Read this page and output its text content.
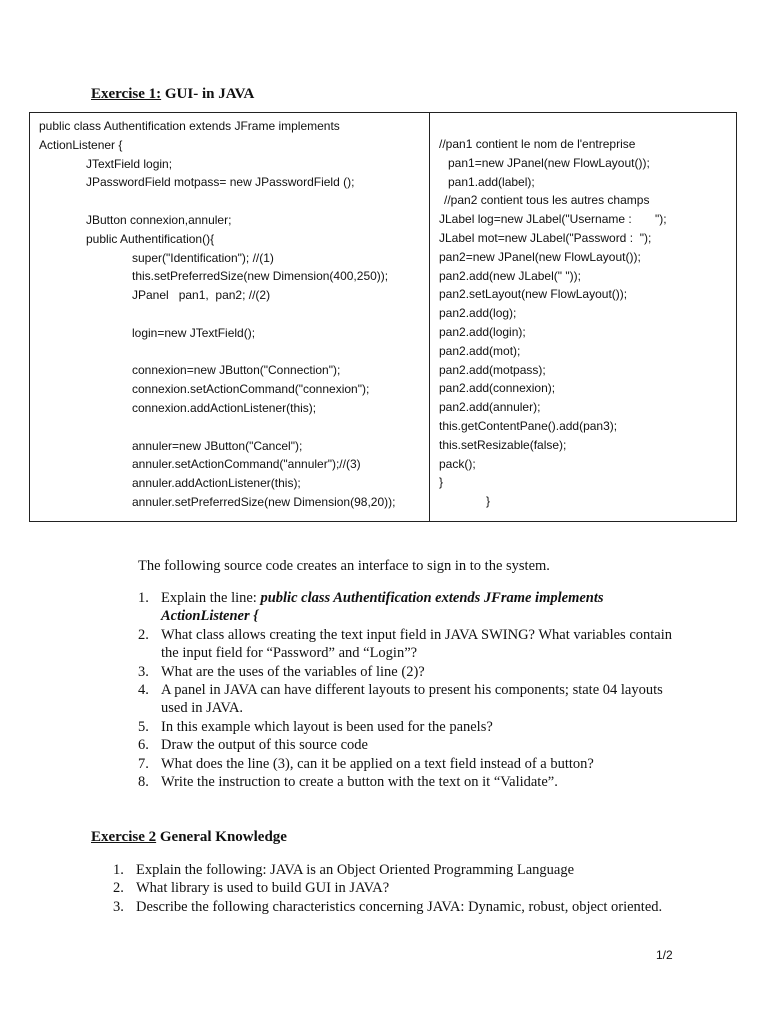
Exercise 1: GUI- in JAVA
public class Authentification extends JFrame implements
ActionListener {
JTextField login;
JPasswordField motpass= new JPasswordField ();
JButton connexion,annuler;
public Authentification(){
super("Identification"); //(1)
this.setPreferredSize(new Dimension(400,250));
JPanel   pan1,  pan2; //(2)
login=new JTextField();
connexion=new JButton("Connection");
connexion.setActionCommand("connexion");
connexion.addActionListener(this);
annuler=new JButton("Cancel");
annuler.setActionCommand("annuler");//(3)
annuler.addActionListener(this);
annuler.setPreferredSize(new Dimension(98,20));
//pan1 contient le nom de l'entreprise
pan1=new JPanel(new FlowLayout());
pan1.add(label);
//pan2 contient tous les autres champs
JLabel log=new JLabel("Username :       ");
JLabel mot=new JLabel("Password :  ");
pan2=new JPanel(new FlowLayout());
pan2.add(new JLabel(" "));
pan2.setLayout(new FlowLayout());
pan2.add(log);
pan2.add(login);
pan2.add(mot);
pan2.add(motpass);
pan2.add(connexion);
pan2.add(annuler);
this.getContentPane().add(pan3);
this.setResizable(false);
pack();
}
}
The following source code creates an interface to sign in to the system.
1. Explain the line: public class Authentification extends JFrame implements ActionListener {
2. What class allows creating the text input field in JAVA SWING? What variables contain the input field for “Password” and “Login”?
3. What are the uses of the variables of line (2)?
4. A panel in JAVA can have different layouts to present his components; state 04 layouts used in JAVA.
5. In this example which layout is been used for the panels?
6. Draw the output of this source code
7. What does the line (3), can it be applied on a text field instead of a button?
8. Write the instruction to create a button with the text on it “Validate”.
Exercise 2 General Knowledge
1. Explain the following: JAVA is an Object Oriented Programming Language
2. What library is used to build GUI in JAVA?
3. Describe the following characteristics concerning JAVA: Dynamic, robust, object oriented.
1/2
